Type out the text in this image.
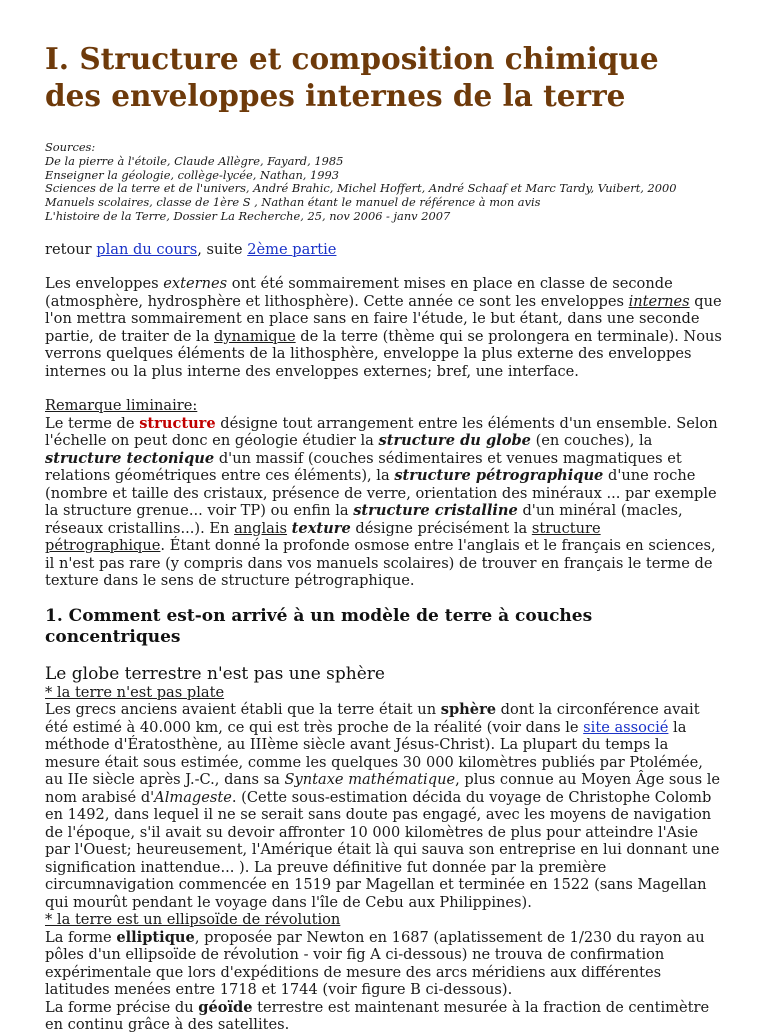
I. Structure et composition chimique des enveloppes internes de la terre
Sources:
De la pierre à l'étoile, Claude Allègre, Fayard, 1985
Enseigner la géologie, collège-lycée, Nathan, 1993
Sciences de la terre et de l'univers, André Brahic, Michel Hoffert, André Schaaf et Marc Tardy, Vuibert, 2000
Manuels scolaires, classe de 1ère S , Nathan étant le manuel de référence à mon avis
L'histoire de la Terre, Dossier La Recherche, 25, nov 2006 - janv 2007

retour plan du cours, suite 2ème partie

Les enveloppes externes ont été sommairement mises en place en classe de seconde (atmosphère, hydrosphère et lithosphère). Cette année ce sont les enveloppes internes que l'on mettra sommairement en place sans en faire l'étude, le but étant, dans une seconde partie, de traiter de la dynamique de la terre (thème qui se prolongera en terminale). Nous verrons quelques éléments de la lithosphère, enveloppe la plus externe des enveloppes internes ou la plus interne des enveloppes externes; bref, une interface.

Remarque liminaire:

Le terme de structure désigne tout arrangement entre les éléments d'un ensemble. Selon l'échelle on peut donc en géologie étudier la structure du globe (en couches), la structure tectonique d'un massif (couches sédimentaires et venues magmatiques et relations géométriques entre ces éléments), la structure pétrographique d'une roche (nombre et taille des cristaux, présence de verre, orientation des minéraux ... par exemple la structure grenue... voir TP) ou enfin la structure cristalline d'un minéral (macles, réseaux cristallins...). En anglais texture désigne précisément la structure pétrographique. Étant donné la profonde osmose entre l'anglais et le français en sciences, il n'est pas rare (y compris dans vos manuels scolaires) de trouver en français le terme de texture dans le sens de structure pétrographique.

1. Comment est-on arrivé à un modèle de terre à couches concentriques
Le globe terrestre n'est pas une sphère
* la terre n'est pas plate

Les grecs anciens avaient établi que la terre était un sphère dont la circonférence avait été estimé à 40.000 km, ce qui est très proche de la réalité (voir dans le site associé la méthode d'Ératosthène, au IIIème siècle avant Jésus-Christ). La plupart du temps la mesure était sous estimée, comme les quelques 30 000 kilomètres publiés par Ptolémée, au IIe siècle après J.-C., dans sa Syntaxe mathématique, plus connue au Moyen Âge sous le nom arabisé d'Almageste. (Cette sous-estimation décida du voyage de Christophe Colomb en 1492, dans lequel il ne se serait sans doute pas engagé, avec les moyens de navigation de l'époque, s'il avait su devoir affronter 10 000 kilomètres de plus pour atteindre l'Asie par l'Ouest; heureusement, l'Amérique était là qui sauva son entreprise en lui donnant une signification inattendue... ). La preuve définitive fut donnée par la première circumnavigation commencée en 1519 par Magellan et terminée en 1522 (sans Magellan qui mourût pendant le voyage dans l'île de Cebu aux Philippines).

* la terre est un ellipsoïde de révolution

La forme elliptique, proposée par Newton en 1687 (aplatissement de 1/230 du rayon au pôles d'un ellipsoïde de révolution - voir fig A ci-dessous) ne trouva de confirmation expérimentale que lors d'expéditions de mesure des arcs méridiens aux différentes latitudes menées entre 1718 et 1744 (voir figure B ci-dessous).

La forme précise du géoïde terrestre est maintenant mesurée à la fraction de centimètre en continu grâce à des satellites.
